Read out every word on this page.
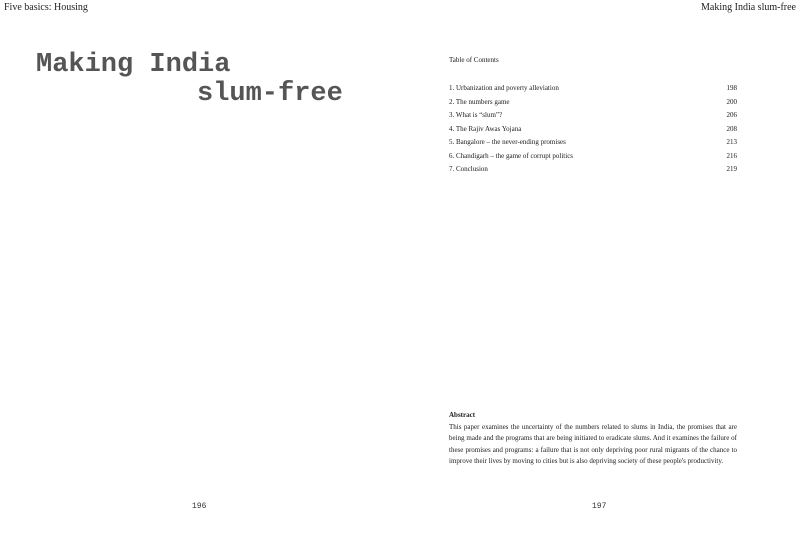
Five basics: Housing	Making India slum-free
Making India
slum-free
Table of Contents
1. Urbanization and poverty alleviation	198
2. The numbers game	200
3. What is “slum”?	206
4. The Rajiv Awas Yojana	208
5. Bangalore – the never-ending promises	213
6. Chandigarh – the game of corrupt politics	216
7. Conclusion	219
Abstract

This paper examines the uncertainty of the numbers related to slums in India, the promises that are being made and the programs that are being initiated to eradicate slums. And it examines the failure of these promises and programs: a failure that is not only depriving poor rural migrants of the chance to improve their lives by moving to cities but is also depriving society of these people's productivity.

196	197
